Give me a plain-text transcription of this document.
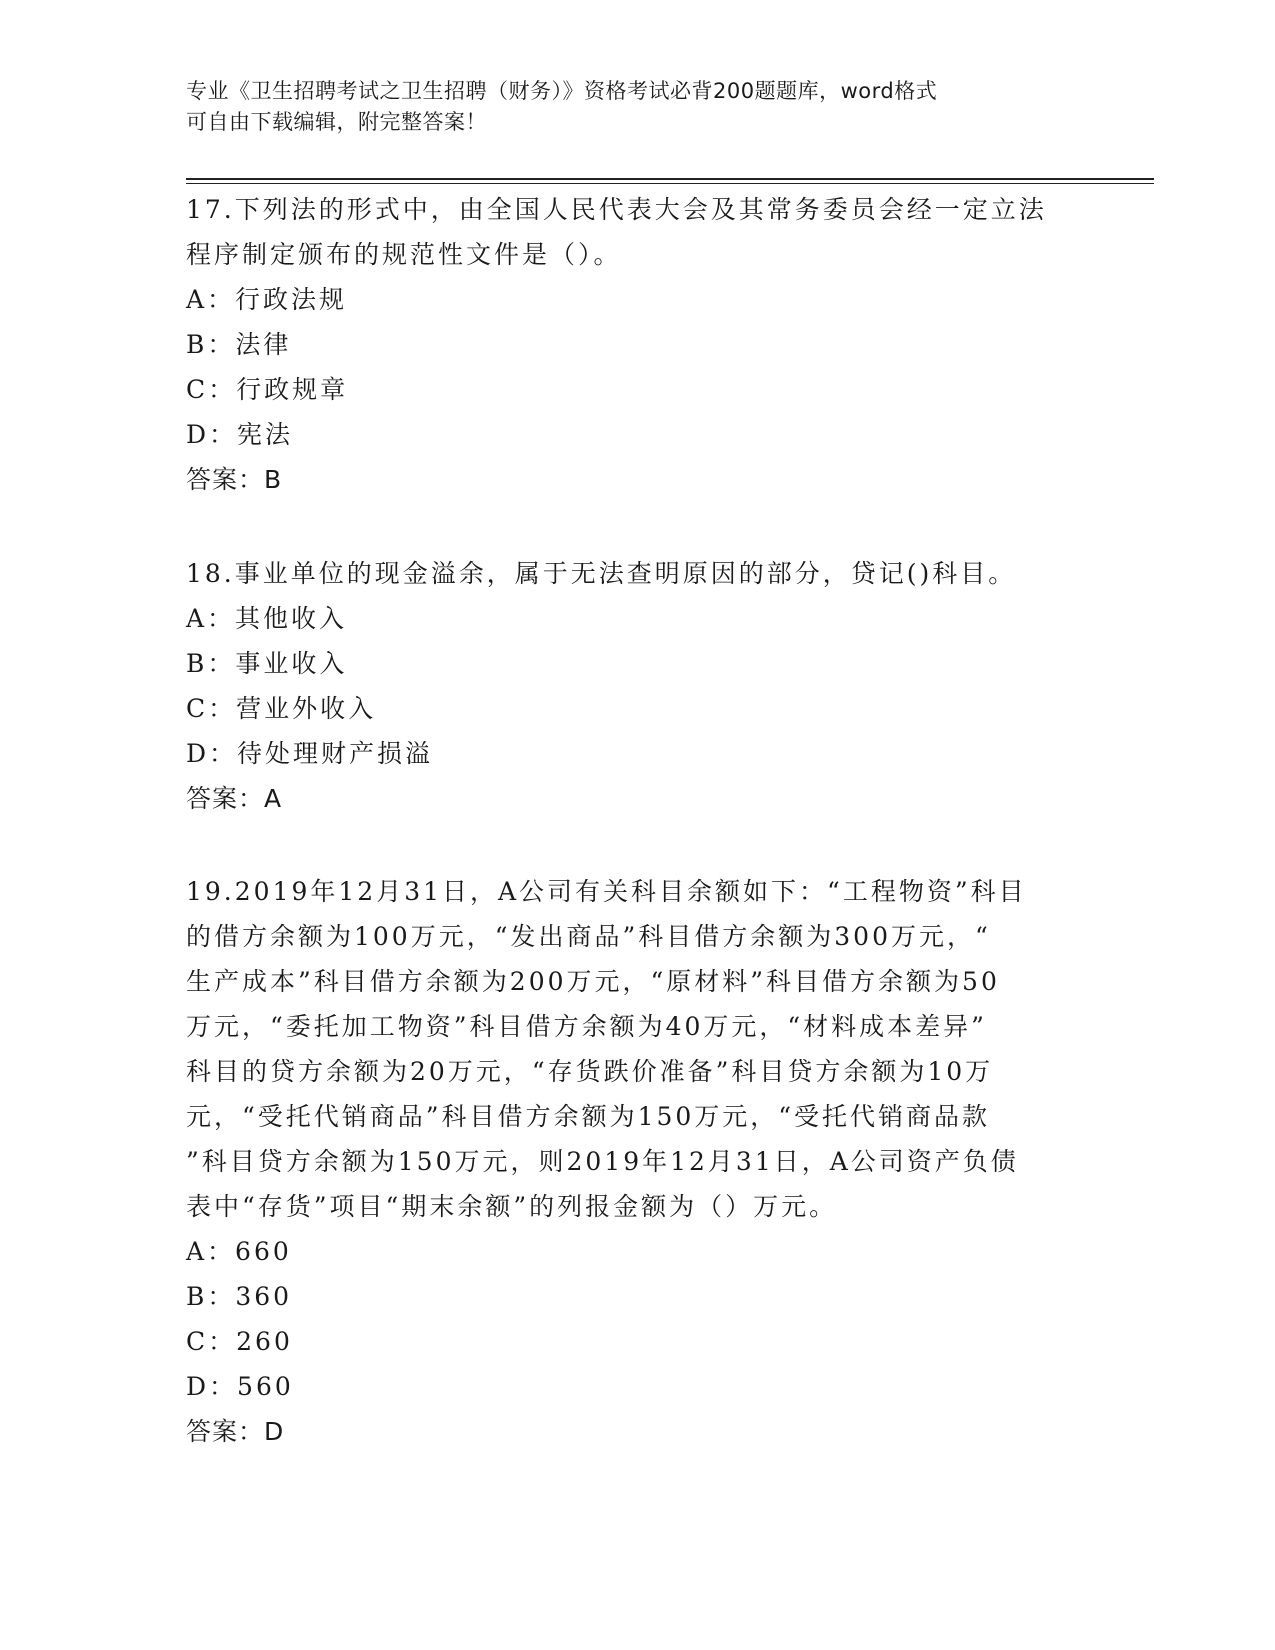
专业《卫生招聘考试之卫生招聘（财务）》资格考试必背200题题库，word格式
可自由下载编辑，附完整答案！
17.下列法的形式中，由全国人民代表大会及其常务委员会经一定立法
程序制定颁布的规范性文件是（）。
A：行政法规
B：法律
C：行政规章
D：宪法
答案：B
18.事业单位的现金溢余，属于无法查明原因的部分，贷记()科目。
A：其他收入
B：事业收入
C：营业外收入
D：待处理财产损溢
答案：A
19.2019年12月31日，A公司有关科目余额如下：“工程物资”科目
的借方余额为100万元，“发出商品”科目借方余额为300万元，“
生产成本”科目借方余额为200万元，“原材料”科目借方余额为50
万元，“委托加工物资”科目借方余额为40万元，“材料成本差异”
科目的贷方余额为20万元，“存货跌价准备”科目贷方余额为10万
元，“受托代销商品”科目借方余额为150万元，“受托代销商品款
”科目贷方余额为150万元，则2019年12月31日，A公司资产负债
表中“存货”项目“期末余额”的列报金额为（）万元。
A：660
B：360
C：260
D：560
答案：D
